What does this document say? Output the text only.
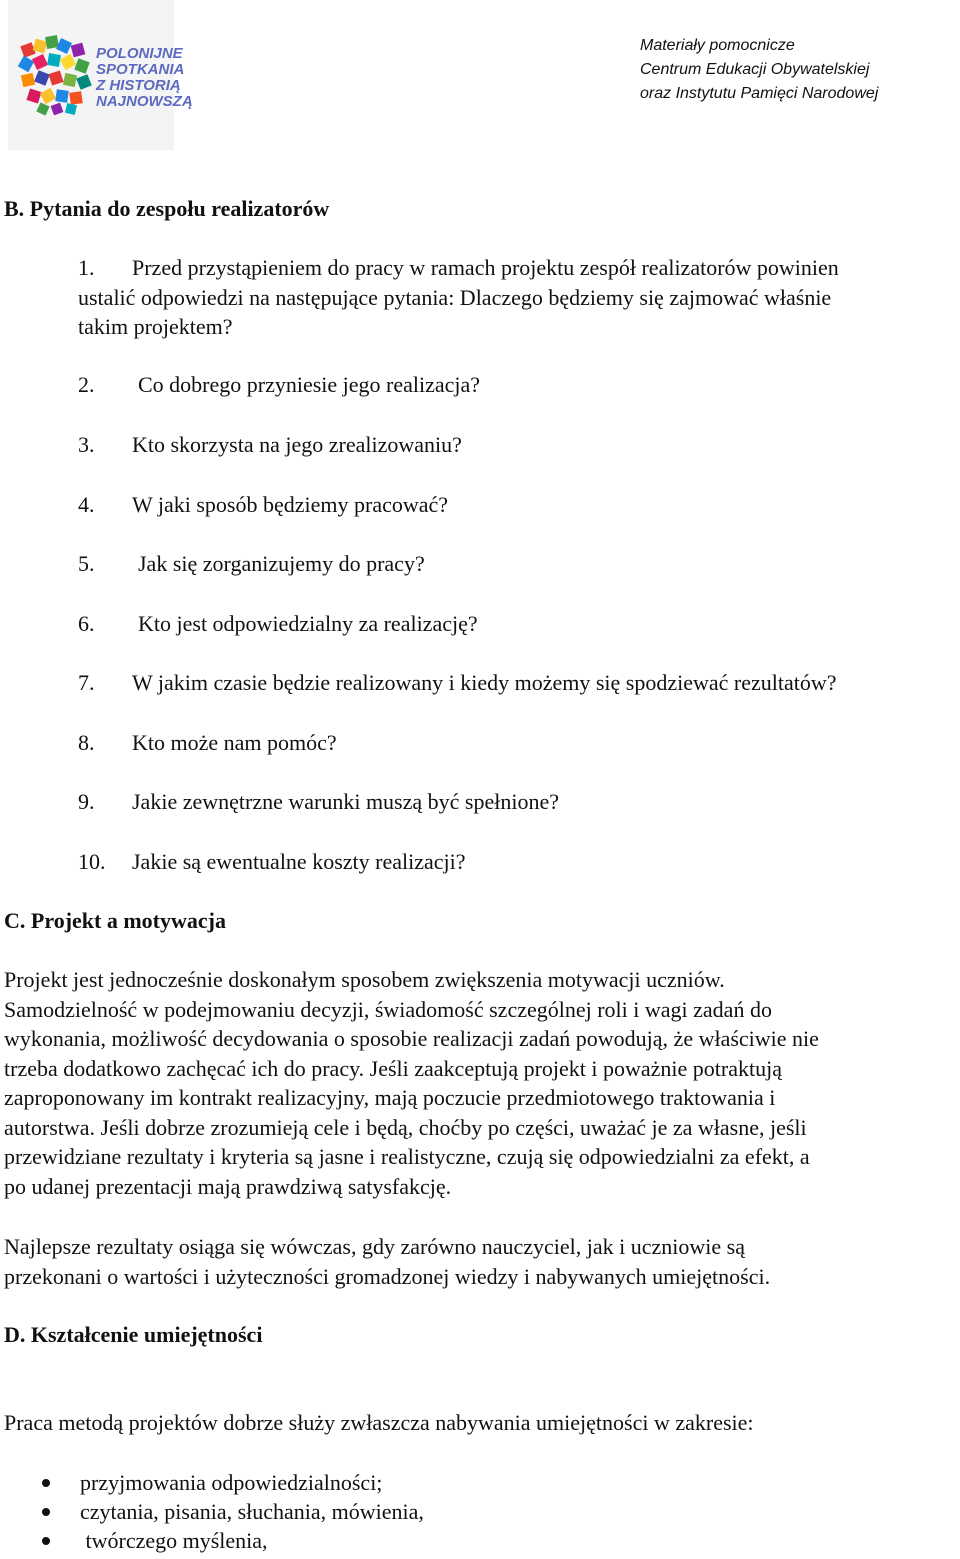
POLONIJNE
SPOTKANIA
Z HISTORIĄ
NAJNOWSZĄ
Materiały pomocnicze
Centrum Edukacji Obywatelskiej
oraz Instytutu Pamięci Narodowej
B. Pytania do zespołu realizatorów
1. Przed przystąpieniem do pracy w ramach projektu zespół realizatorów powinien
ustalić odpowiedzi na następujące pytania: Dlaczego będziemy się zajmować właśnie
takim projektem?
2. Co dobrego przyniesie jego realizacja?
3. Kto skorzysta na jego zrealizowaniu?
4. W jaki sposób będziemy pracować?
5. Jak się zorganizujemy do pracy?
6. Kto jest odpowiedzialny za realizację?
7. W jakim czasie będzie realizowany i kiedy możemy się spodziewać rezultatów?
8. Kto może nam pomóc?
9. Jakie zewnętrzne warunki muszą być spełnione?
10. Jakie są ewentualne koszty realizacji?
C. Projekt a motywacja
Projekt jest jednocześnie doskonałym sposobem zwiększenia motywacji uczniów.
Samodzielność w podejmowaniu decyzji, świadomość szczególnej roli i wagi zadań do
wykonania, możliwość decydowania o sposobie realizacji zadań powodują, że właściwie nie
trzeba dodatkowo zachęcać ich do pracy. Jeśli zaakceptują projekt i poważnie potraktują
zaproponowany im kontrakt realizacyjny, mają poczucie przedmiotowego traktowania i
autorstwa. Jeśli dobrze zrozumieją cele i będą, choćby po części, uważać je za własne, jeśli
przewidziane rezultaty i kryteria są jasne i realistyczne, czują się odpowiedzialni za efekt, a
po udanej prezentacji mają prawdziwą satysfakcję.
Najlepsze rezultaty osiąga się wówczas, gdy zarówno nauczyciel, jak i uczniowie są
przekonani o wartości i użyteczności gromadzonej wiedzy i nabywanych umiejętności.
D. Kształcenie umiejętności
Praca metodą projektów dobrze służy zwłaszcza nabywania umiejętności w zakresie:
przyjmowania odpowiedzialności;
czytania, pisania, słuchania, mówienia,
twórczego myślenia,
